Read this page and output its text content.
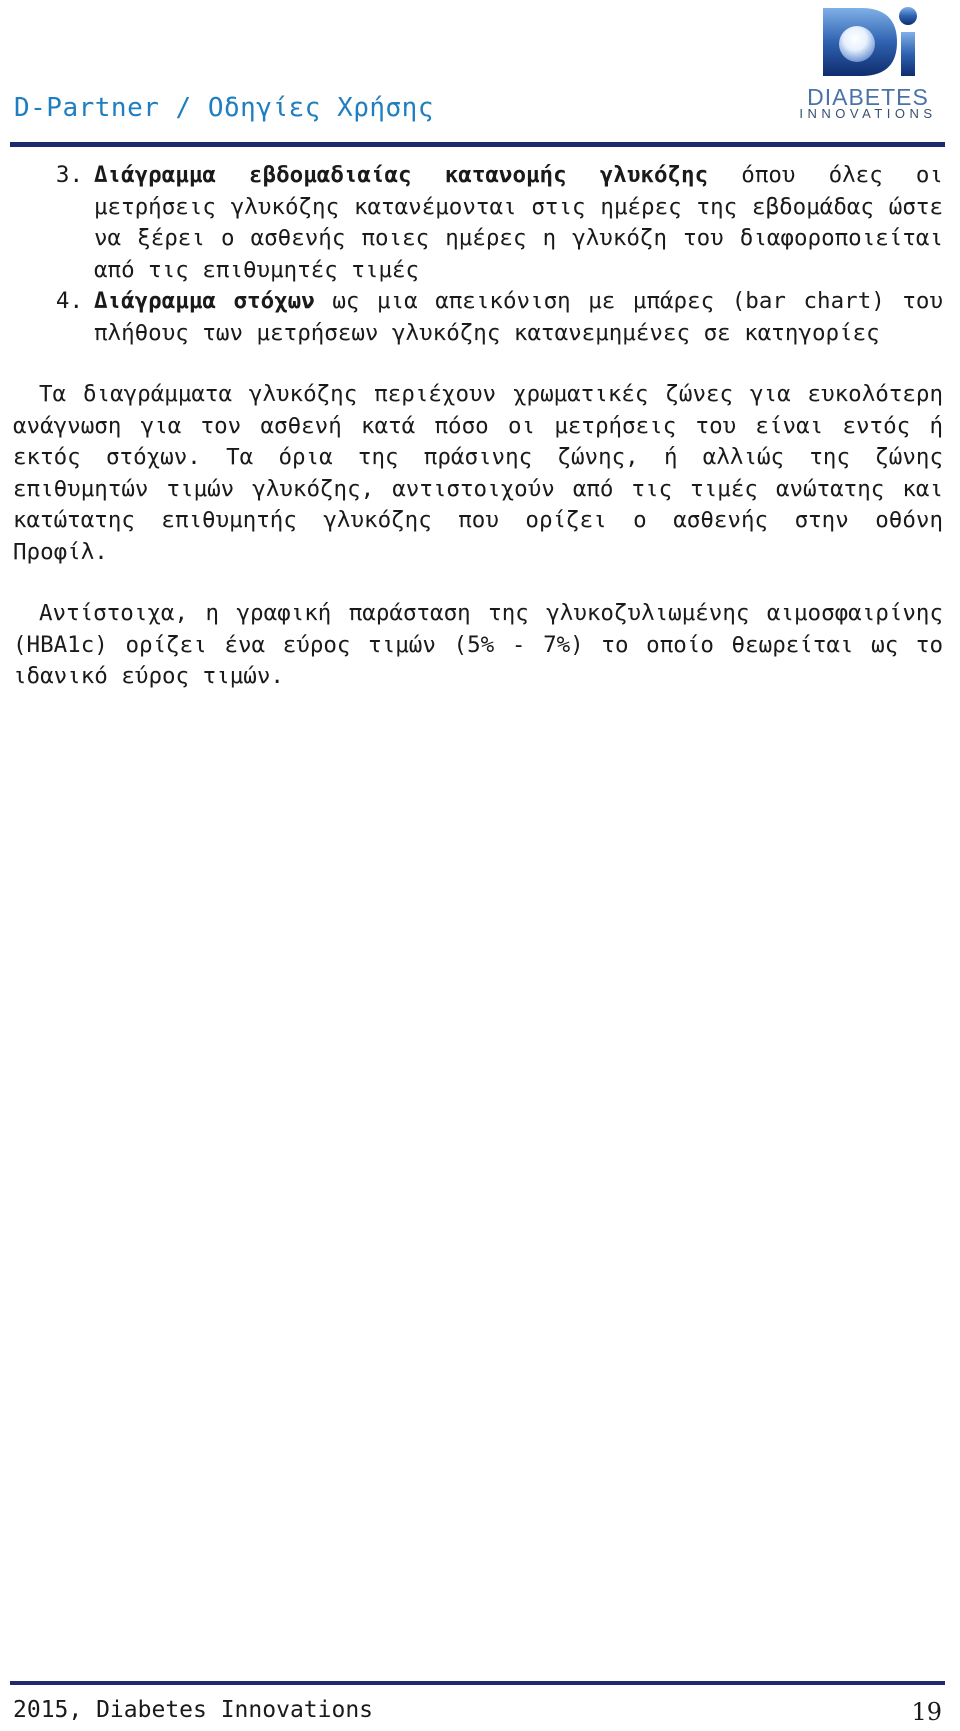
D-Partner / Οδηγίες Χρήσης	DIABETES
INNOVATIONS
3. Διάγραμμα εβδομαδιαίας κατανομής γλυκόζης όπου όλες οι μετρήσεις γλυκόζης κατανέμονται στις ημέρες της εβδομάδας ώστε να ξέρει ο ασθενής ποιες ημέρες η γλυκόζη του διαφοροποιείται από τις επιθυμητές τιμές
4. Διάγραμμα στόχων ως μια απεικόνιση με μπάρες (bar chart) του πλήθους των μετρήσεων γλυκόζης κατανεμημένες σε κατηγορίες

Τα διαγράμματα γλυκόζης περιέχουν χρωματικές ζώνες για ευκολότερη ανάγνωση για τον ασθενή κατά πόσο οι μετρήσεις του είναι εντός ή εκτός στόχων. Τα όρια της πράσινης ζώνης, ή αλλιώς της ζώνης επιθυμητών τιμών γλυκόζης, αντιστοιχούν από τις τιμές ανώτατης και κατώτατης επιθυμητής γλυκόζης που ορίζει ο ασθενής στην οθόνη Προφίλ.

Αντίστοιχα, η γραφική παράσταση της γλυκοζυλιωμένης αιμοσφαιρίνης (HBA1c) ορίζει ένα εύρος τιμών (5% - 7%) το οποίο θεωρείται ως το ιδανικό εύρος τιμών.

2015, Diabetes Innovations	19
